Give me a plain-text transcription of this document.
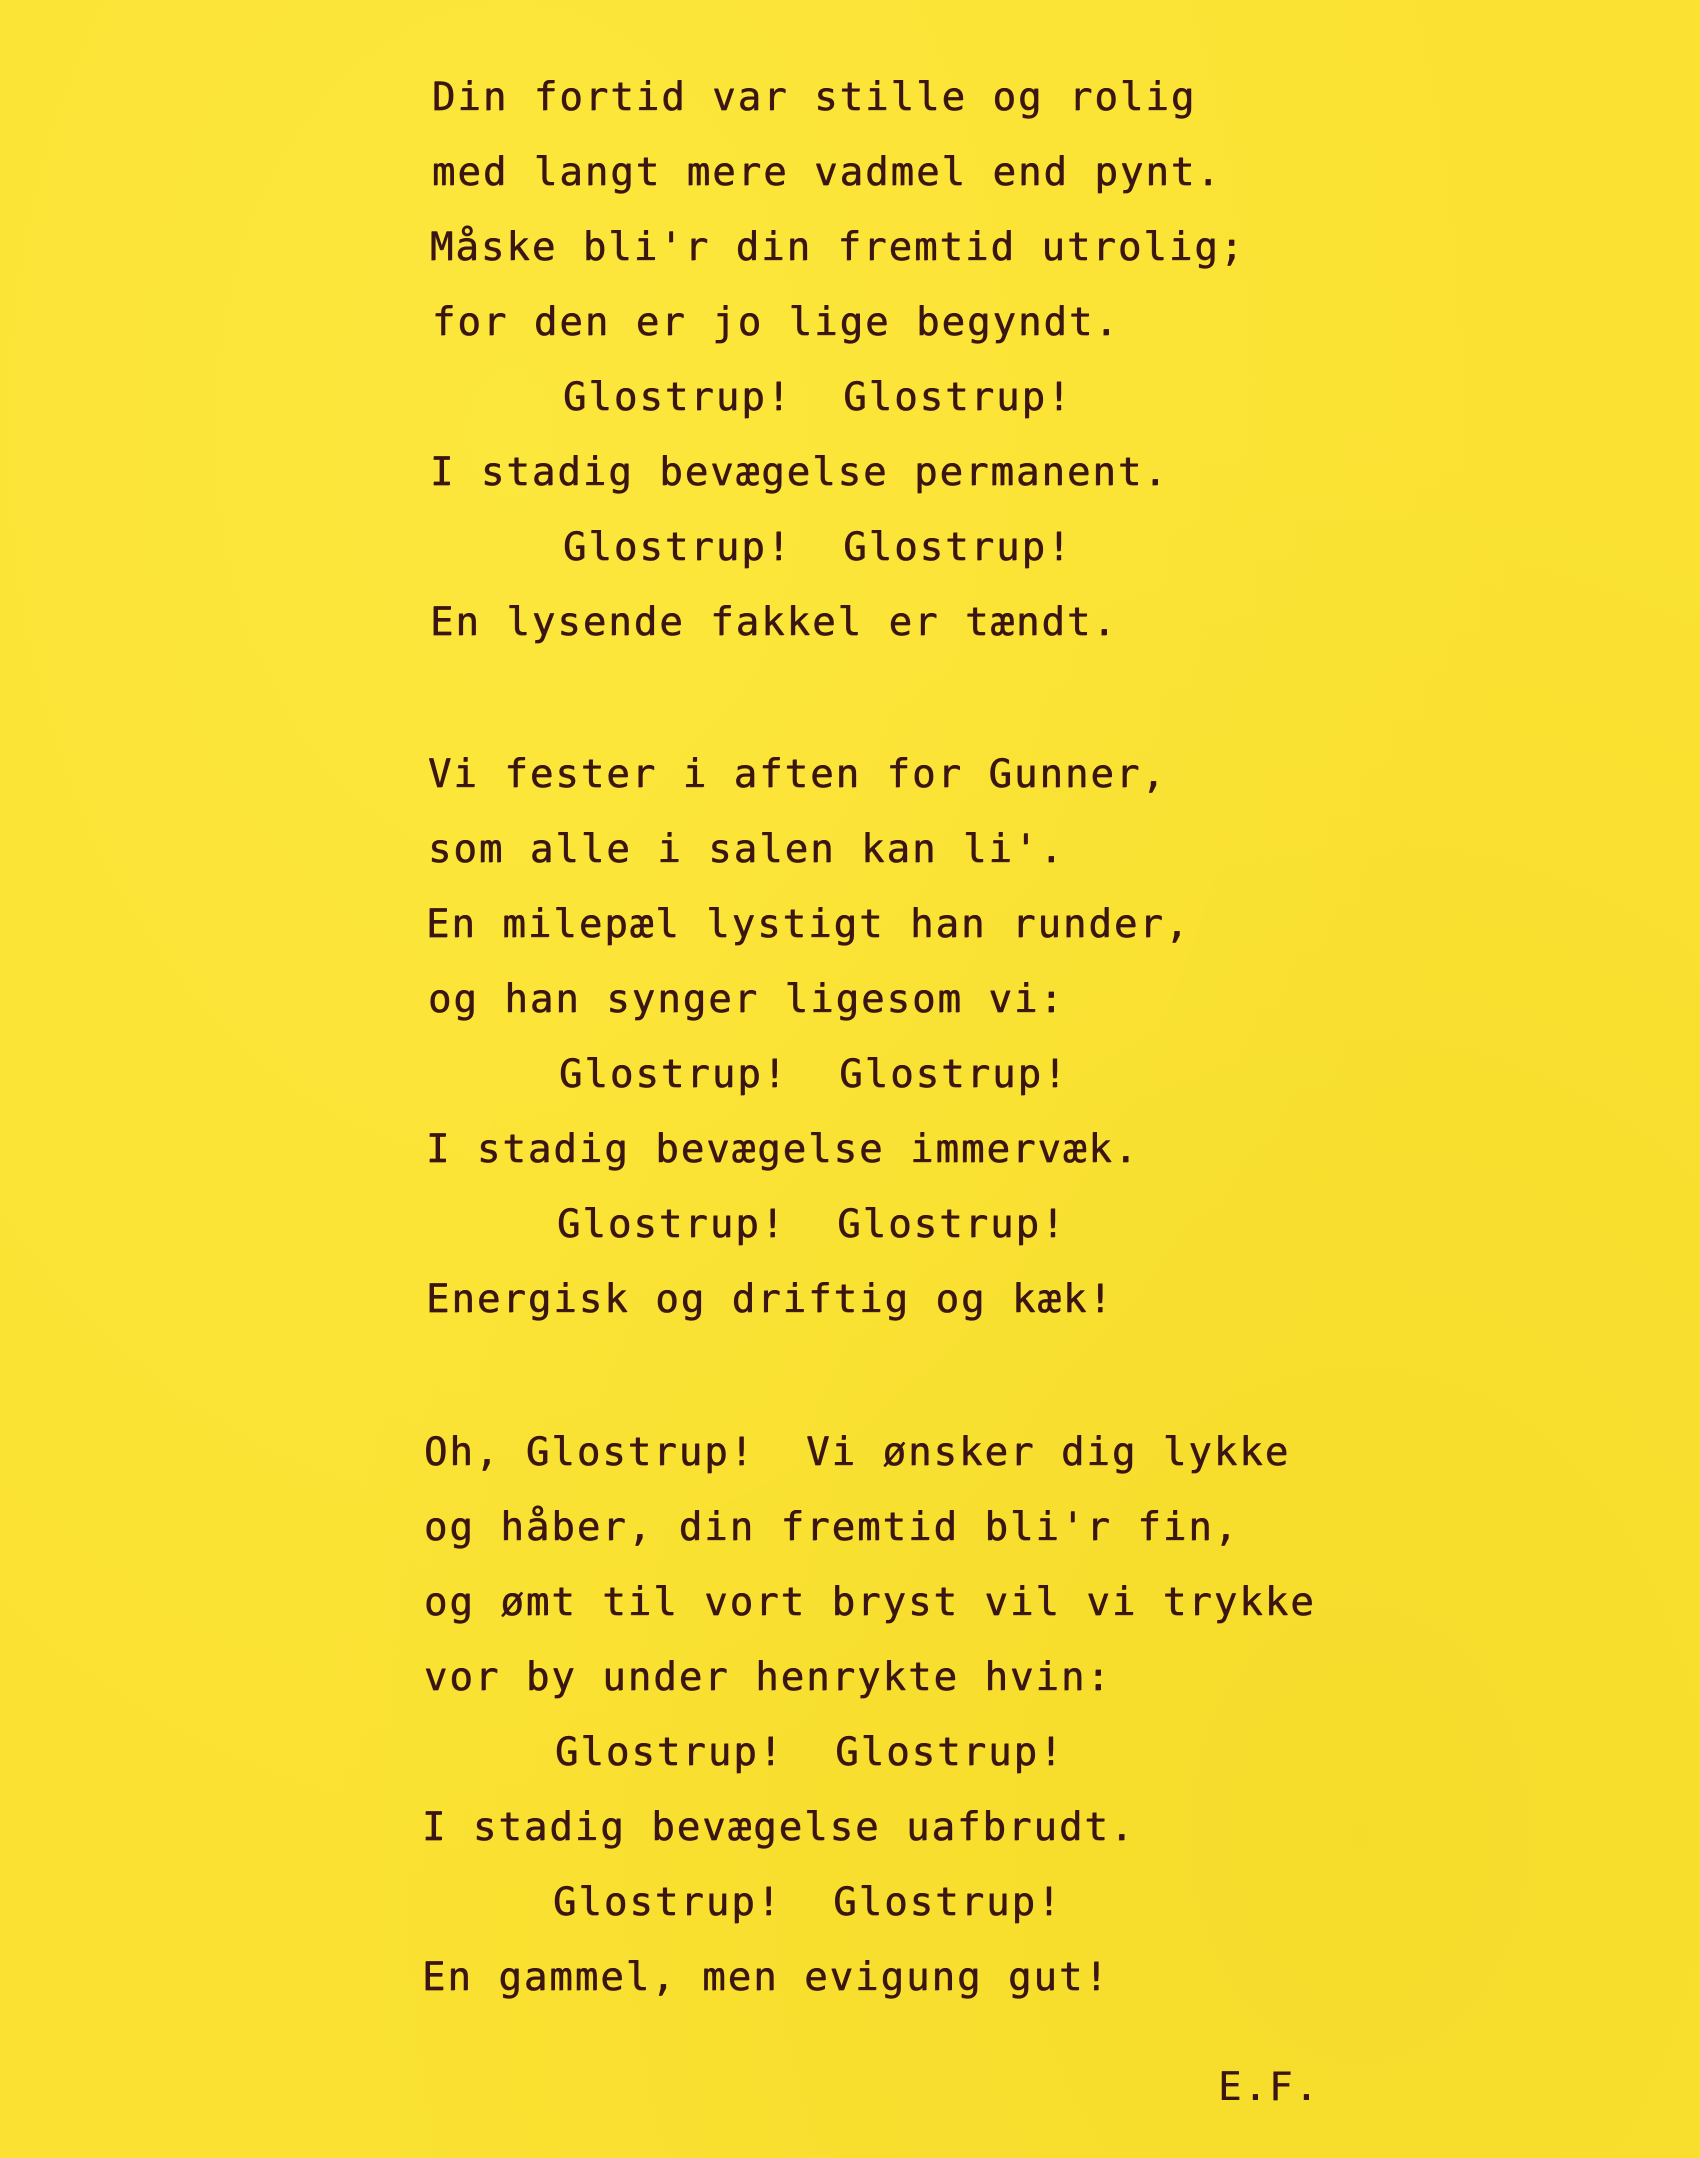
Din fortid var stille og rolig
med langt mere vadmel end pynt.
Måske bli'r din fremtid utrolig;
for den er jo lige begyndt.
Glostrup!  Glostrup!
I stadig bevægelse permanent.
Glostrup!  Glostrup!
En lysende fakkel er tændt.
Vi fester i aften for Gunner,
som alle i salen kan li'.
En milepæl lystigt han runder,
og han synger ligesom vi:
Glostrup!  Glostrup!
I stadig bevægelse immervæk.
Glostrup!  Glostrup!
Energisk og driftig og kæk!
Oh, Glostrup!  Vi ønsker dig lykke
og håber, din fremtid bli'r fin,
og ømt til vort bryst vil vi trykke
vor by under henrykte hvin:
Glostrup!  Glostrup!
I stadig bevægelse uafbrudt.
Glostrup!  Glostrup!
En gammel, men evigung gut!
E.F.
